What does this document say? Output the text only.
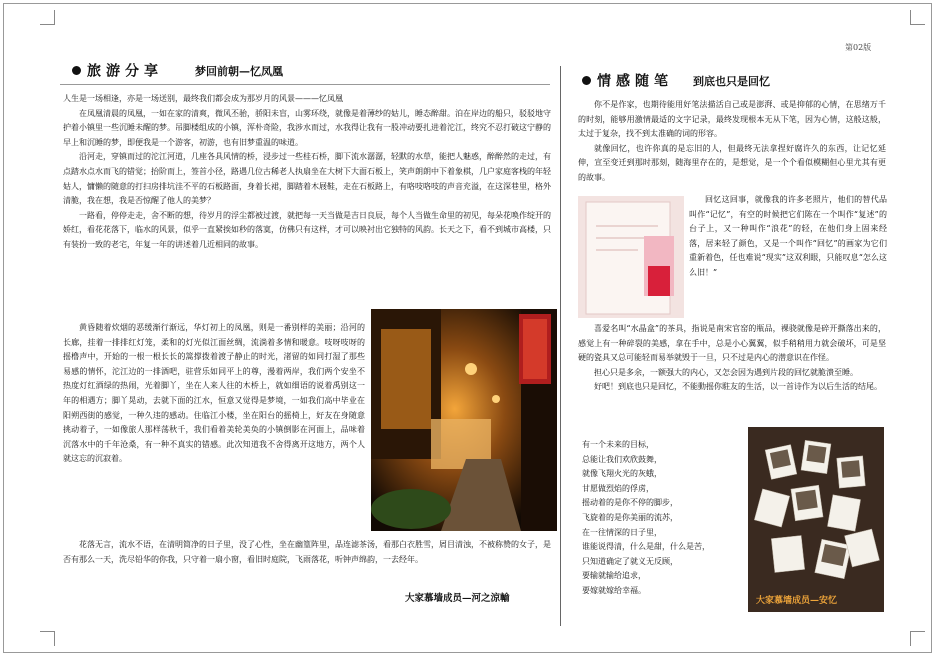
第02版
旅游分享	梦回前朝—忆凤凰

人生是一场相逢，亦是一场送别，最终我们都会成为那岁月的风景———忆凤凰

在凤凰清晨的凤凰，一如在家的清爽，微风丕骀，骄阳未盲，山雾环绕，就像是着薄纱的姑儿，睡态醉甜。泊在岸边的船只，驳驳地守护着小镇里一些沉睡未醒的梦。吊脚楼组成的小镇，浑朴奇险，我涉水而过，水我得让我有一股冲动要扎进着沱江，终究不忍打破这宁静的早上和沉睡的梦，即便我是一个游客，初游，也有旧梦重温的味道。

沿河走，穿镇而过的沱江河道，几座各具风情的桥，浸步过一些桂石桥，脚下流水潺潺，轻默的水草，能把人魅惑，醉醉然的走过，有点踏水点水而飞的错觉；抬阶而上，签首小径，路遇几位古稀老人执扇坐在大树下大面石板上，笑声朗朗中下着象棋，几户家庭客栈的年轻姑人，慵懒的随意的打扫房排坑洼不平的石板路面，身着长裙，脚踏着木屐鞋，走在石板路上，有咯吱咯吱的声音充溢，在这深巷里，格外清脆，我在想，我是否惊醒了他人的美梦？

一路看，停停走走，舍不断的想，待岁月的浮尘都被过渡，就把每一天当做是吉日良辰，每个人当做生命里的初见，每朵花唤作绽开的娇红，看花花落下，临水的风景，似乎一直紧挨如秒的落寞，仿佛只有这样，才可以映衬出它独特的风韵。长天之下，看不到城市高楼，只有装扮一致的老宅，年复一年的讲述着几近相同的故事。

黄昏随着炊烟的恶缓渐行渐远，华灯初上的凤凰，则是一番别样的美丽；沿河的长廊，挂着一排排红灯笼，柔和的灯光似江面丝绸，流淌着多情和暖意。吱呀吱呀的摇橹声中，开始的一根一根长长的篙撑拨着渡子静止的时光，渚留的如同打湿了那些易感的情怀，沱江边的一排酒吧，驻营乐如同平上的尊，漫着两岸，我们两个安坐不热度灯红酒绿的热闹，光着脚丫，坐在人来人往的木桥上，就如细语的说着禹别这一年的相遇方；脚丫晃动，去就下面的江水，恒意又觉得是梦境，一如我们高中毕业在阳朔西街的感觉，一种久违的感动。住临江小楼，坐在阳台的摇椅上，好友在身随意挑动着子，一如像旅人那样荡秋千，我们看着美轮美奂的小镇倒影在河面上，品味着沉落水中的千年沧桑，有一种不真实的错感。此次知道我不舍得离开这地方，两个人就这忘的沉寂着。

花落无言，流水不语，在清明简净的日子里，没了心性，坐在幽篁阵里，品连滤茶汤，看那白衣胜雪，屑目清浊，不被称赞的女子，是否有那么一天，洗尽铅华的你我，只守着一扇小窗，看旧时庭院，飞雨落花，听钟声绵韵，一去经年。

大家慕墙成员—河之涼輸
情感随笔 到底也只是回忆

你不是作家，也期待能用好笔法描活自己或是澎湃、或是抑郁的心情，在思绪万千的时刻，能够用激情最适的文字记录，最终发现根本无从下笔，因为心情，这般这般，太过于复杂，找不到太准确的词的形容。

就像回忆，也许你真的是忘旧的人，但最终无法拿捏好腐许久的东西，让记忆延伸，宣至变迁到那时那刻，随海里存在的，是想觉，是一个个看似模糊但心里尤其有更的故事。

回忆这回事，就像我的许多老照片，他们的替代品叫作“记忆”，有空的时候把它们陈在一个叫作“复述”的台子上，又一种叫作“浪花”的轻，在他们身上固来经落，居来轻了颜色，又是一个叫作“回忆”的画家为它们重新着色，任也难说“现实”这双利眼，只能叹息“怎么这么旧！”

喜爱名叫“水晶盒”的茶具，指说是南宋官窑的瓶品，裸骁就像是碎开撕落出来的，感觉上有一种碎裂的美感，拿在手中，总是小心翼翼，似手稍稍用力就会破坏，可是坚硬的瓷具又总可能轻而易举就毁于一旦，只不过是内心的潜意识在作怪。

担心只是多余，一额强大的内心，又怎会因为遇到片段的回忆就脆溃至睡。

好吧！到底也只是回忆，不能動摇你駐友的生活，以一首诗作为以后生活的结尾。

有一个未来的目标，

总能让我们欢欣鼓舞，

就像飞翔火光的灰蛾，

甘愿做烈焰的俘虏，

摇动着的是你不停的脚步，

飞旋着的是你美丽的流苏，

在一往情深的日子里，

谁能说得清，什么是甜，什么是苦，

只知道确定了就义无反顾，

要输就输给追求，

要嫁就嫁给幸福。

大家慕墙成员—安忆
